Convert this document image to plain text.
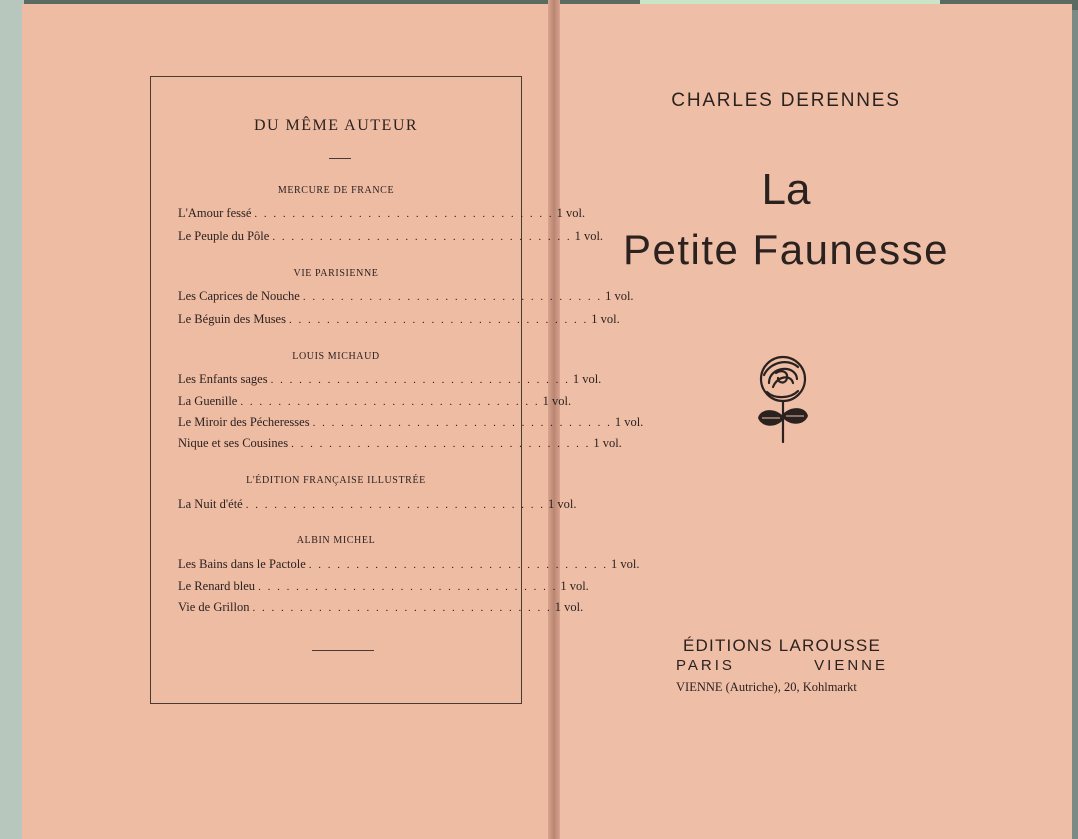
DU MÊME AUTEUR
MERCURE DE FRANCE
L'Amour fessé . . . . . . . . . . . . . . . . . . . . . . . . . . . . . . . . 1 vol.
Le Peuple du Pôle . . . . . . . . . . . . . . . . . . . . . . . . . . . . . . . . 1 vol.
VIE PARISIENNE
Les Caprices de Nouche . . . . . . . . . . . . . . . . . . . . . . . . . . . . . . . . 1 vol.
Le Béguin des Muses . . . . . . . . . . . . . . . . . . . . . . . . . . . . . . . . 1 vol.
LOUIS MICHAUD
Les Enfants sages . . . . . . . . . . . . . . . . . . . . . . . . . . . . . . . . 1 vol.
La Guenille . . . . . . . . . . . . . . . . . . . . . . . . . . . . . . . . 1 vol.
Le Miroir des Pécheresses . . . . . . . . . . . . . . . . . . . . . . . . . . . . . . . . 1 vol.
Nique et ses Cousines . . . . . . . . . . . . . . . . . . . . . . . . . . . . . . . . 1 vol.
L'ÉDITION FRANÇAISE ILLUSTRÉE
La Nuit d'été . . . . . . . . . . . . . . . . . . . . . . . . . . . . . . . . 1 vol.
ALBIN MICHEL
Les Bains dans le Pactole . . . . . . . . . . . . . . . . . . . . . . . . . . . . . . . . 1 vol.
Le Renard bleu . . . . . . . . . . . . . . . . . . . . . . . . . . . . . . . . 1 vol.
Vie de Grillon . . . . . . . . . . . . . . . . . . . . . . . . . . . . . . . . 1 vol.
CHARLES DERENNES
La
Petite Faunesse
ÉDITIONS LAROUSSE
PARIS	VIENNE
VIENNE (Autriche), 20, Kohlmarkt
